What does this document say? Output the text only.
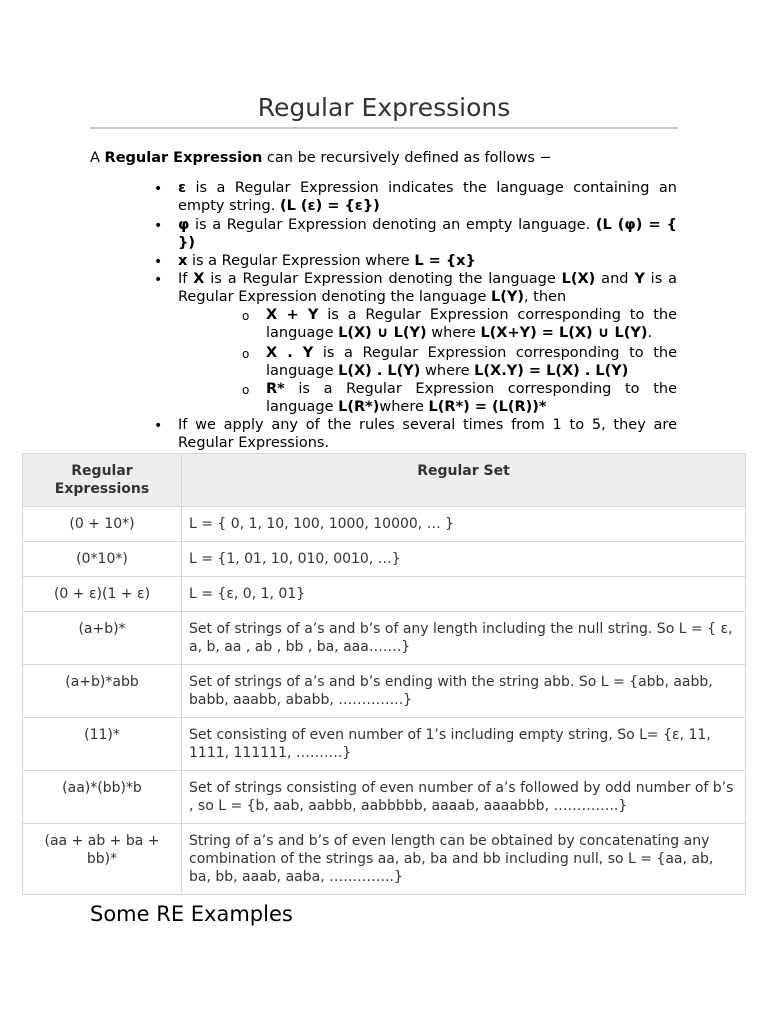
Regular Expressions
A Regular Expression can be recursively defined as follows −
• ε is a Regular Expression indicates the language containing an empty string. (L (ε) = {ε})
• φ is a Regular Expression denoting an empty language. (L (φ) = { })
• x is a Regular Expression where L = {x}
• If X is a Regular Expression denoting the language L(X) and Y is a Regular Expression denoting the language L(Y), then
o X + Y is a Regular Expression corresponding to the language L(X) ∪ L(Y) where L(X+Y) = L(X) ∪ L(Y).
o X . Y is a Regular Expression corresponding to the language L(X) . L(Y) where L(X.Y) = L(X) . L(Y)
o R* is a Regular Expression corresponding to the language L(R*)where L(R*) = (L(R))*
• If we apply any of the rules several times from 1 to 5, they are Regular Expressions.
Regular Expressions	Regular Set
(0 + 10*)	L = { 0, 1, 10, 100, 1000, 10000, … }
(0*10*)	L = {1, 01, 10, 010, 0010, …}
(0 + ε)(1 + ε)	L = {ε, 0, 1, 01}
(a+b)*	Set of strings of a’s and b’s of any length including the null string. So L = { ε, a, b, aa , ab , bb , ba, aaa…….}
(a+b)*abb	Set of strings of a’s and b’s ending with the string abb. So L = {abb, aabb, babb, aaabb, ababb, …………..}
(11)*	Set consisting of even number of 1’s including empty string, So L= {ε, 11, 1111, 111111, ……….}
(aa)*(bb)*b	Set of strings consisting of even number of a’s followed by odd number of b’s , so L = {b, aab, aabbb, aabbbbb, aaaab, aaaabbb, …………..}
(aa + ab + ba + bb)*	String of a’s and b’s of even length can be obtained by concatenating any combination of the strings aa, ab, ba and bb including null, so L = {aa, ab, ba, bb, aaab, aaba, …………..}
Some RE Examples
